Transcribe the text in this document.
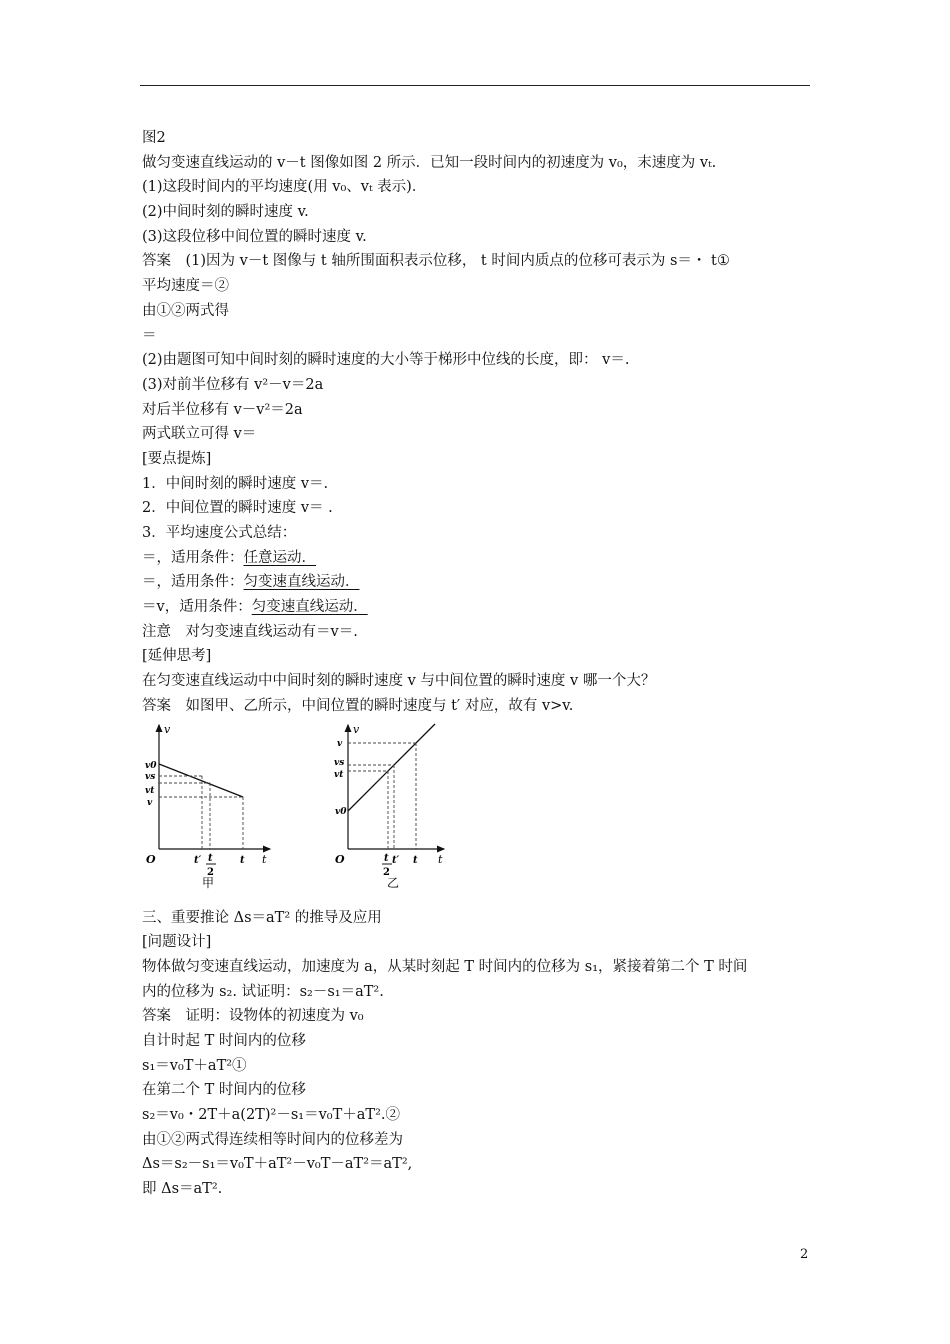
图2
做匀变速直线运动的 v－t 图像如图 2 所示．已知一段时间内的初速度为 v₀，末速度为 vₜ.
(1)这段时间内的平均速度(用 v₀、vₜ 表示)．
(2)中间时刻的瞬时速度 v.
(3)这段位移中间位置的瞬时速度 v.
答案　(1)因为 v－t 图像与 t 轴所围面积表示位移， t 时间内质点的位移可表示为 s＝・ t①
平均速度＝②
由①②两式得
＝
(2)由题图可知中间时刻的瞬时速度的大小等于梯形中位线的长度，即： v＝.
(3)对前半位移有 v²－v＝2a
对后半位移有 v－v²＝2a
两式联立可得 v＝
[要点提炼]
1．中间时刻的瞬时速度 v＝.
2．中间位置的瞬时速度 v＝ .
3．平均速度公式总结：
＝，适用条件：任意运动．
＝，适用条件：匀变速直线运动．
＝v，适用条件：匀变速直线运动．
注意　对匀变速直线运动有＝v＝.
[延伸思考]
在匀变速直线运动中中间时刻的瞬时速度 v 与中间位置的瞬时速度 v 哪一个大？
答案　如图甲、乙所示，中间位置的瞬时速度与 t′ 对应，故有 v>v.
v
t
O
v0
vs
vt
v
t′ t
2
t
甲
v
t
O
v
vs
vt
v0
t
2
t′ t
乙
三、重要推论 Δs＝aT² 的推导及应用
[问题设计]
物体做匀变速直线运动，加速度为 a，从某时刻起 T 时间内的位移为 s₁，紧接着第二个 T 时间
内的位移为 s₂. 试证明：s₂－s₁＝aT².
答案　证明：设物体的初速度为 v₀
自计时起 T 时间内的位移
s₁＝v₀T＋aT²①
在第二个 T 时间内的位移
s₂＝v₀・2T＋a(2T)²－s₁＝v₀T＋aT².②
由①②两式得连续相等时间内的位移差为
Δs＝s₂－s₁＝v₀T＋aT²－v₀T－aT²＝aT²,
即 Δs＝aT².
2
